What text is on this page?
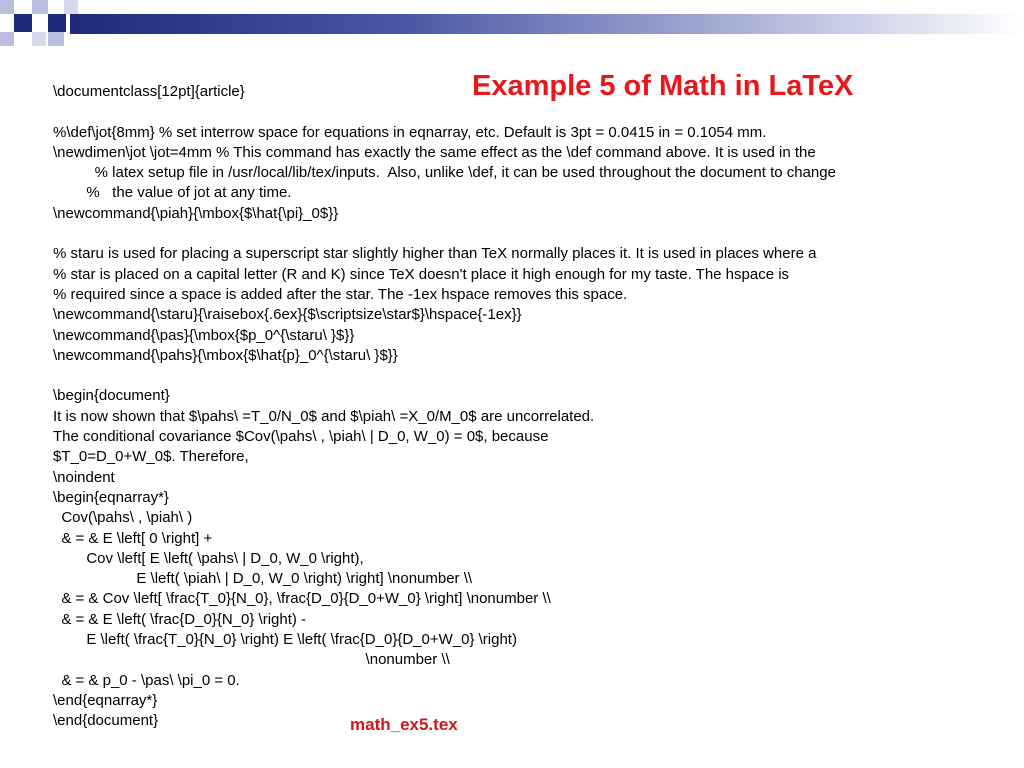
Example 5 of Math in LaTeX
\documentclass[12pt]{article}
%\def\jot{8mm} % set interrow space for equations in eqnarray, etc. Default is 3pt = 0.0415 in = 0.1054 mm.
\newdimen\jot \jot=4mm % This command has exactly the same effect as the \def command above. It is used in the
% latex setup file in /usr/local/lib/tex/inputs.  Also, unlike \def, it can be used throughout the document to change
%   the value of jot at any time.
\newcommand{\piah}{\mbox{$\hat{\pi}_0$}}
% staru is used for placing a superscript star slightly higher than TeX normally places it. It is used in places where a
% star is placed on a capital letter (R and K) since TeX doesn't place it high enough for my taste. The hspace is
% required since a space is added after the star. The -1ex hspace removes this space.
\newcommand{\staru}{\raisebox{.6ex}{$\scriptsize\star$}\hspace{-1ex}}
\newcommand{\pas}{\mbox{$p_0^{\staru\ }$}}
\newcommand{\pahs}{\mbox{$\hat{p}_0^{\staru\ }$}}
\begin{document}
It is now shown that $\pahs\ =T_0/N_0$ and $\piah\ =X_0/M_0$ are uncorrelated.
The conditional covariance $Cov(\pahs\ , \piah\ | D_0, W_0) = 0$, because
$T_0=D_0+W_0$. Therefore,
\noindent
\begin{eqnarray*}
Cov(\pahs\ , \piah\ )
& = & E \left[ 0 \right] +
Cov \left[ E \left( \pahs\ | D_0, W_0 \right),
E \left( \piah\ | D_0, W_0 \right) \right] \nonumber \\
& = & Cov \left[ \frac{T_0}{N_0}, \frac{D_0}{D_0+W_0} \right] \nonumber \\
& = & E \left( \frac{D_0}{N_0} \right) -
E \left( \frac{T_0}{N_0} \right) E \left( \frac{D_0}{D_0+W_0} \right)
\nonumber \\
& = & p_0 - \pas\ \pi_0 = 0.
\end{eqnarray*}
\end{document}	math_ex5.tex
